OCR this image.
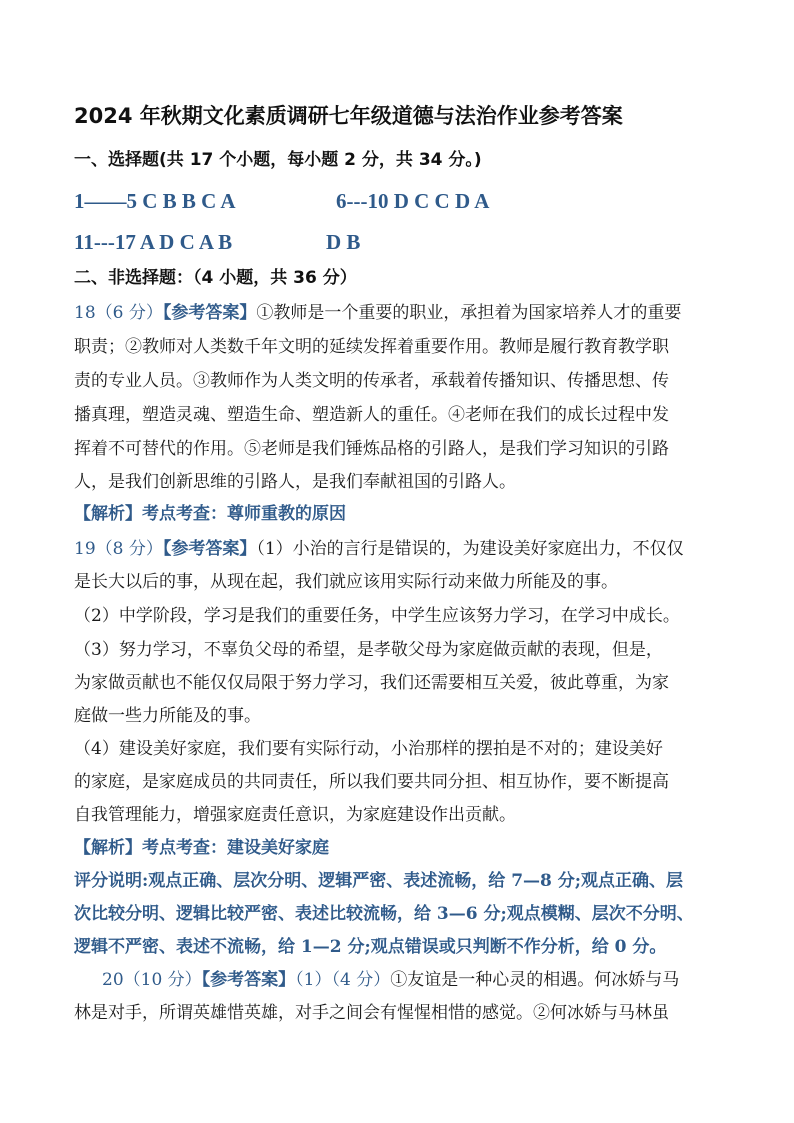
2024 年秋期文化素质调研七年级道德与法治作业参考答案
一、选择题(共 17 个小题，每小题 2 分，共 34 分。)
1——5 C B B C A	6---10 D C C D A
11---17 A D C A B	D B
二、非选择题：（4 小题，共 36 分）
18（6 分）【参考答案】①教师是一个重要的职业，承担着为国家培养人才的重要
职责；②教师对人类数千年文明的延续发挥着重要作用。教师是履行教育教学职
责的专业人员。③教师作为人类文明的传承者，承载着传播知识、传播思想、传
播真理，塑造灵魂、塑造生命、塑造新人的重任。④老师在我们的成长过程中发
挥着不可替代的作用。⑤老师是我们锤炼品格的引路人，是我们学习知识的引路
人，是我们创新思维的引路人，是我们奉献祖国的引路人。
【解析】考点考查：尊师重教的原因
19（8 分）【参考答案】（1）小治的言行是错误的，为建设美好家庭出力，不仅仅
是长大以后的事，从现在起，我们就应该用实际行动来做力所能及的事。
（2）中学阶段，学习是我们的重要任务，中学生应该努力学习，在学习中成长。
（3）努力学习，不辜负父母的希望，是孝敬父母为家庭做贡献的表现，但是，
为家做贡献也不能仅仅局限于努力学习，我们还需要相互关爱，彼此尊重，为家
庭做一些力所能及的事。
（4）建设美好家庭，我们要有实际行动，小治那样的摆拍是不对的；建设美好
的家庭，是家庭成员的共同责任，所以我们要共同分担、相互协作，要不断提高
自我管理能力，增强家庭责任意识，为家庭建设作出贡献。
【解析】考点考查：建设美好家庭
评分说明:观点正确、层次分明、逻辑严密、表述流畅，给 7—8 分;观点正确、层
次比较分明、逻辑比较严密、表述比较流畅，给 3—6 分;观点模糊、层次不分明、
逻辑不严密、表述不流畅，给 1—2 分;观点错误或只判断不作分析，给 0 分。
20（10 分）【参考答案】（1）（4 分）①友谊是一种心灵的相遇。何冰娇与马
林是对手，所谓英雄惜英雄，对手之间会有惺惺相惜的感觉。②何冰娇与马林虽
